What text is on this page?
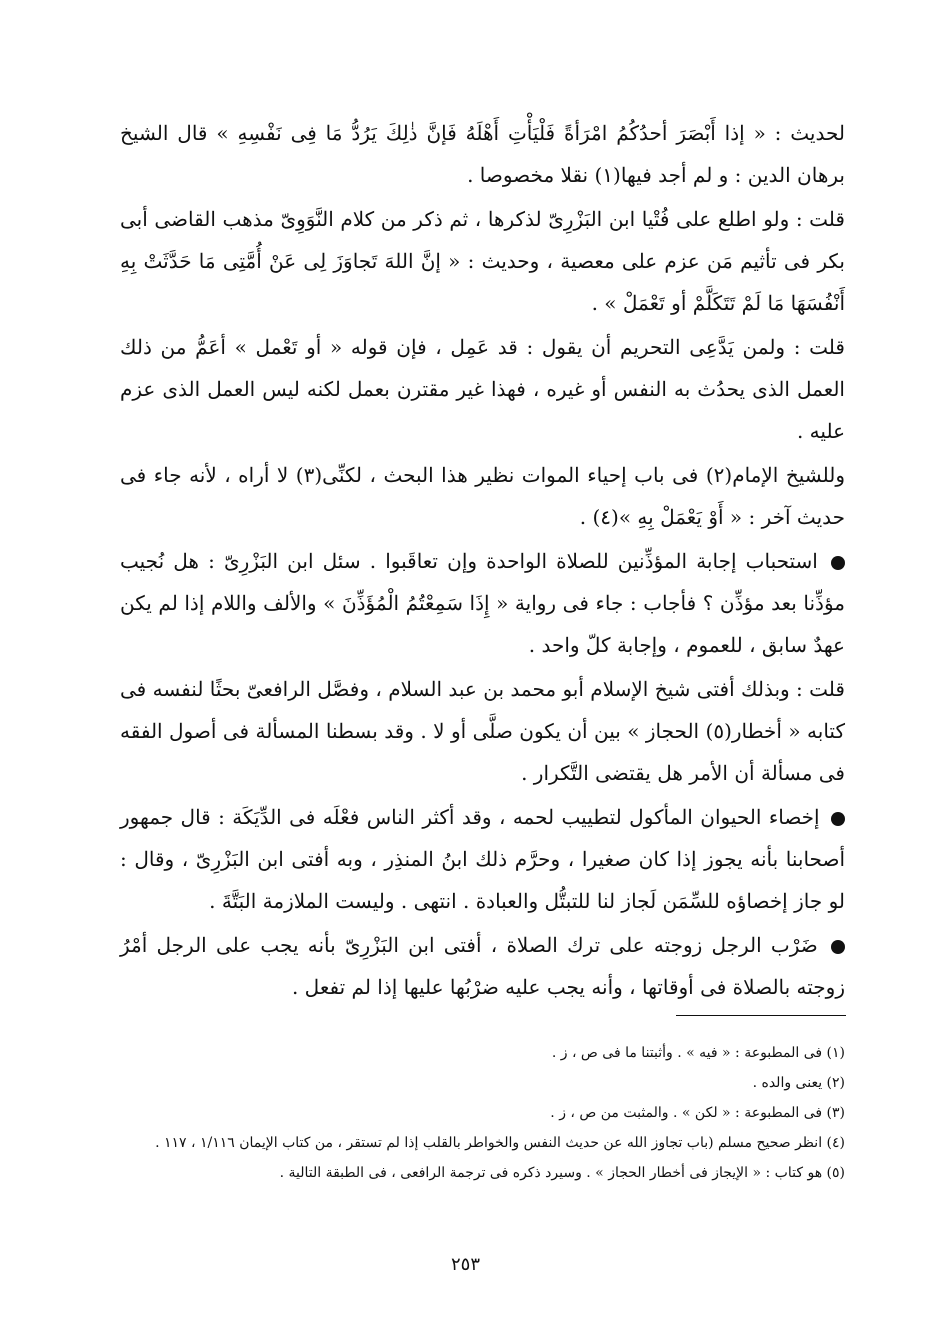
لحديث : « إذا أَبْصَرَ أحدُكُمُ امْرَأةً فَلْيَأْتِ أَهْلَهُ فَإنَّ ذٰلِكَ يَرُدُّ مَا فِى نَفْسِهِ » قال الشيخ برهان الدين : و لم أجد فيها(١) نقلا مخصوصا .

قلت : ولو اطلع على فُتْيا ابن البَزْرِىّ لذكرها ، ثم ذكر من كلام النَّوَوِىّ مذهب القاضى أبى بكر فى تأثيم مَن عزم على معصية ، وحديث : « إنَّ اللهَ تَجاوَزَ لِى عَنْ أُمَّتِى مَا حَدَّثَتْ بِهِ أَنْفُسَهَا مَا لَمْ تَتَكَلَّمْ أو تَعْمَلْ » .

قلت : ولمن يَدَّعِى التحريم أن يقول : قد عَمِل ، فإن قوله « أو تَعْمل » أعَمُّ من ذلك العمل الذى يحدُث به النفس أو غيره ، فهذا غير مقترن بعمل لكنه ليس العمل الذى عزم عليه .

وللشيخ الإمام(٢) فى باب إحياء الموات نظير هذا البحث ، لكنِّى(٣) لا أراه ، لأنه جاء فى حديث آخر : « أَوْ يَعْمَلْ بِهِ »(٤) .

استحباب إجابة المؤذِّنين للصلاة الواحدة وإن تعاقَبوا . سئل ابن البَزْرِىّ : هل نُجيب مؤذِّنا بعد مؤذِّن ؟ فأجاب : جاء فى رواية « إِذَا سَمِعْتُمُ الْمُؤَذِّنَ » والألف واللام إذا لم يكن عهدٌ سابق ، للعموم ، وإجابة كلّ واحد .

قلت : وبذلك أفتى شيخ الإسلام أبو محمد بن عبد السلام ، وفصَّل الرافعىّ بحثًا لنفسه فى كتابه « أخطار(٥) الحجاز » بين أن يكون صلَّى أو لا . وقد بسطنا المسألة فى أصول الفقه فى مسألة أن الأمر هل يقتضى التَّكرار .

إخصاء الحيوان المأكول لتطييب لحمه ، وقد أكثر الناس فعْلَه فى الدِّيَكَة : قال جمهور أصحابنا بأنه يجوز إذا كان صغيرا ، وحرَّم ذلك ابنُ المنذِر ، وبه أفتى ابن البَزْرِىّ ، وقال : لو جاز إخصاؤه للسِّمَن لَجاز لنا للتبتُّل والعبادة . انتهى . وليست الملازمة البَتَّةَ .

ضَرْب الرجل زوجته على ترك الصلاة ، أفتى ابن البَزْرِىّ بأنه يجب على الرجل أمْرُ زوجته بالصلاة فى أوقاتها ، وأنه يجب عليه ضرْبُها عليها إذا لم تفعل .

(١) فى المطبوعة : « فيه » . وأثبتنا ما فى ص ، ز .
(٢) يعنى والده .
(٣) فى المطبوعة : « لكن » . والمثبت من ص ، ز .
(٤) انظر صحيح مسلم (باب تجاوز الله عن حديث النفس والخواطر بالقلب إذا لم تستقر ، من كتاب الإيمان ١/١١٦ ، ١١٧ .
(٥) هو كتاب : « الإيجاز فى أخطار الحجاز » . وسيرد ذكره فى ترجمة الرافعى ، فى الطبقة التالية .
٢٥٣
